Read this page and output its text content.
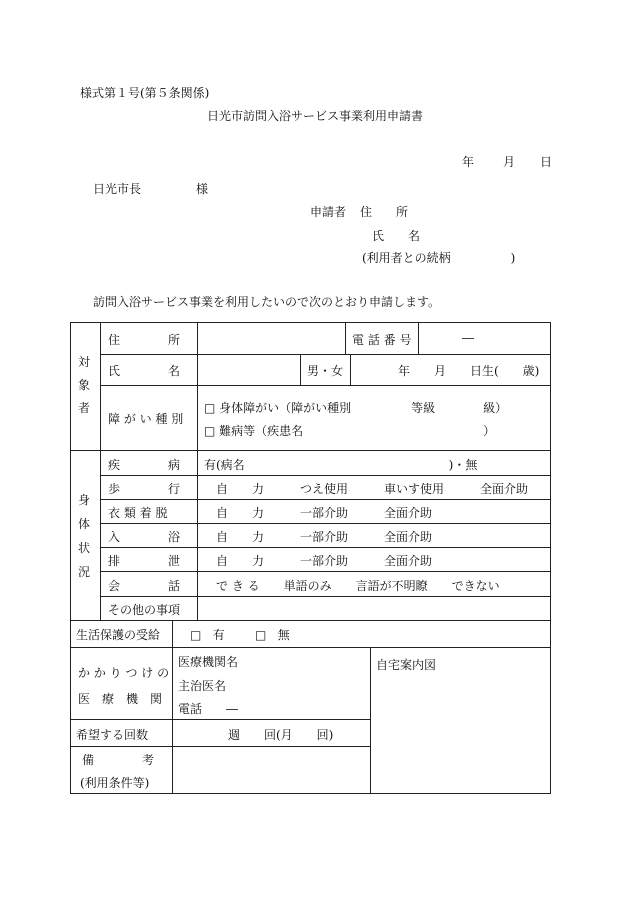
様式第１号(第５条関係)
日光市訪問入浴サービス事業利用申請書
年 月 日
日光市長	様
申請者 住　　所
氏　　名
(利用者との続柄　　　　　)
訪問入浴サービス事業を利用したいので次のとおり申請します。
対
象
者
住　　　　所	電 話 番 号	―
氏　　　　名	男・女	年　　月　　日生(　　歳)
障 が い 種 別
□ 身体障がい（障がい種別　　　　　等級　　　　級）
□ 難病等（疾患名　　　　　　　　　　　　　　　）
身
体
状
況
疾　　　　病 有(病名　　　　　　　　　　　　　　　　　)・無
歩　　　　行	自　　力　　　つえ使用　　　車いす使用　　　全面介助
衣 類 着 脱	自　　力　　　一部介助　　　全面介助
入　　　　浴	自　　力　　　一部介助　　　全面介助
排　　　　泄	自　　力　　　一部介助　　　全面介助
会　　　　話	で き る　　単語のみ　　言語が不明瞭　　できない
その他の事項
生活保護の受給 □ 有	□ 無
か か り つ け の
医　療　機　関
医療機関名
主治医名
電話　　―
自宅案内図
希望する回数	週　　回(月　　回)
備　　　　考
(利用条件等)
